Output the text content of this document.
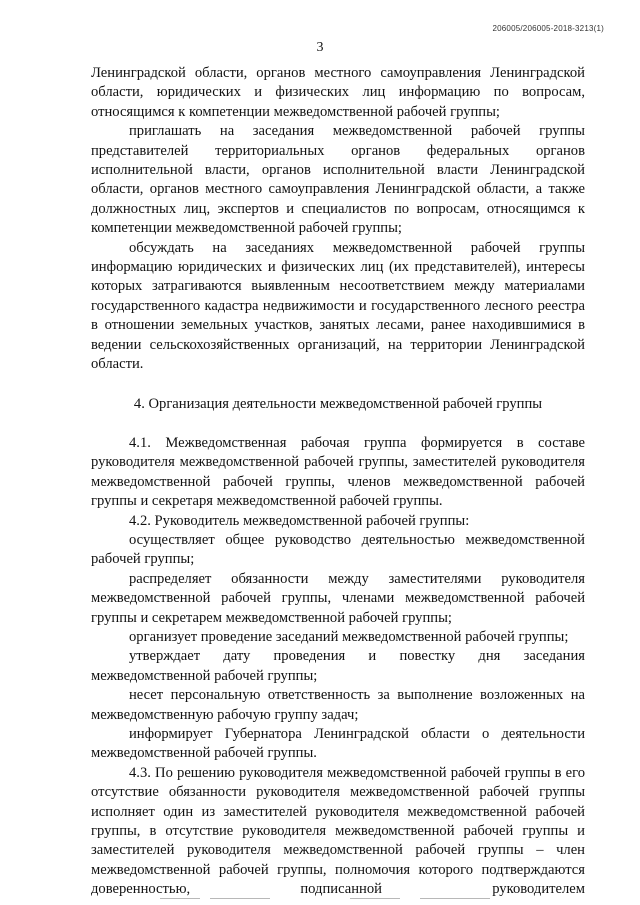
206005/206005-2018-3213(1)
3

Ленинградской области, органов местного самоуправления Ленинградской области, юридических и физических лиц информацию по вопросам, относящимся к компетенции межведомственной рабочей группы;

приглашать на заседания межведомственной рабочей группы представителей территориальных органов федеральных органов исполнительной власти, органов исполнительной власти Ленинградской области, органов местного самоуправления Ленинградской области, а также должностных лиц, экспертов и специалистов по вопросам, относящимся к компетенции межведомственной рабочей группы;

обсуждать на заседаниях межведомственной рабочей группы информацию юридических и физических лиц (их представителей), интересы которых затрагиваются выявленным несоответствием между материалами государственного кадастра недвижимости и государственного лесного реестра в отношении земельных участков, занятых лесами, ранее находившимися в ведении сельскохозяйственных организаций, на территории Ленинградской области.

4. Организация деятельности межведомственной рабочей группы

4.1. Межведомственная рабочая группа формируется в составе руководителя межведомственной рабочей группы, заместителей руководителя межведомственной рабочей группы, членов межведомственной рабочей группы и секретаря межведомственной рабочей группы.

4.2. Руководитель межведомственной рабочей группы:

осуществляет общее руководство деятельностью межведомственной рабочей группы;

распределяет обязанности между заместителями руководителя межведомственной рабочей группы, членами межведомственной рабочей группы и секретарем межведомственной рабочей группы;

организует проведение заседаний межведомственной рабочей группы;

утверждает дату проведения и повестку дня заседания межведомственной рабочей группы;

несет персональную ответственность за выполнение возложенных на межведомственную рабочую группу задач;

информирует Губернатора Ленинградской области о деятельности межведомственной рабочей группы.

4.3. По решению руководителя межведомственной рабочей группы в его отсутствие обязанности руководителя межведомственной рабочей группы исполняет один из заместителей руководителя межведомственной рабочей группы, в отсутствие руководителя межведомственной рабочей группы и заместителей руководителя межведомственной рабочей группы – член межведомственной рабочей группы, полномочия которого подтверждаются доверенностью, подписанной руководителем
